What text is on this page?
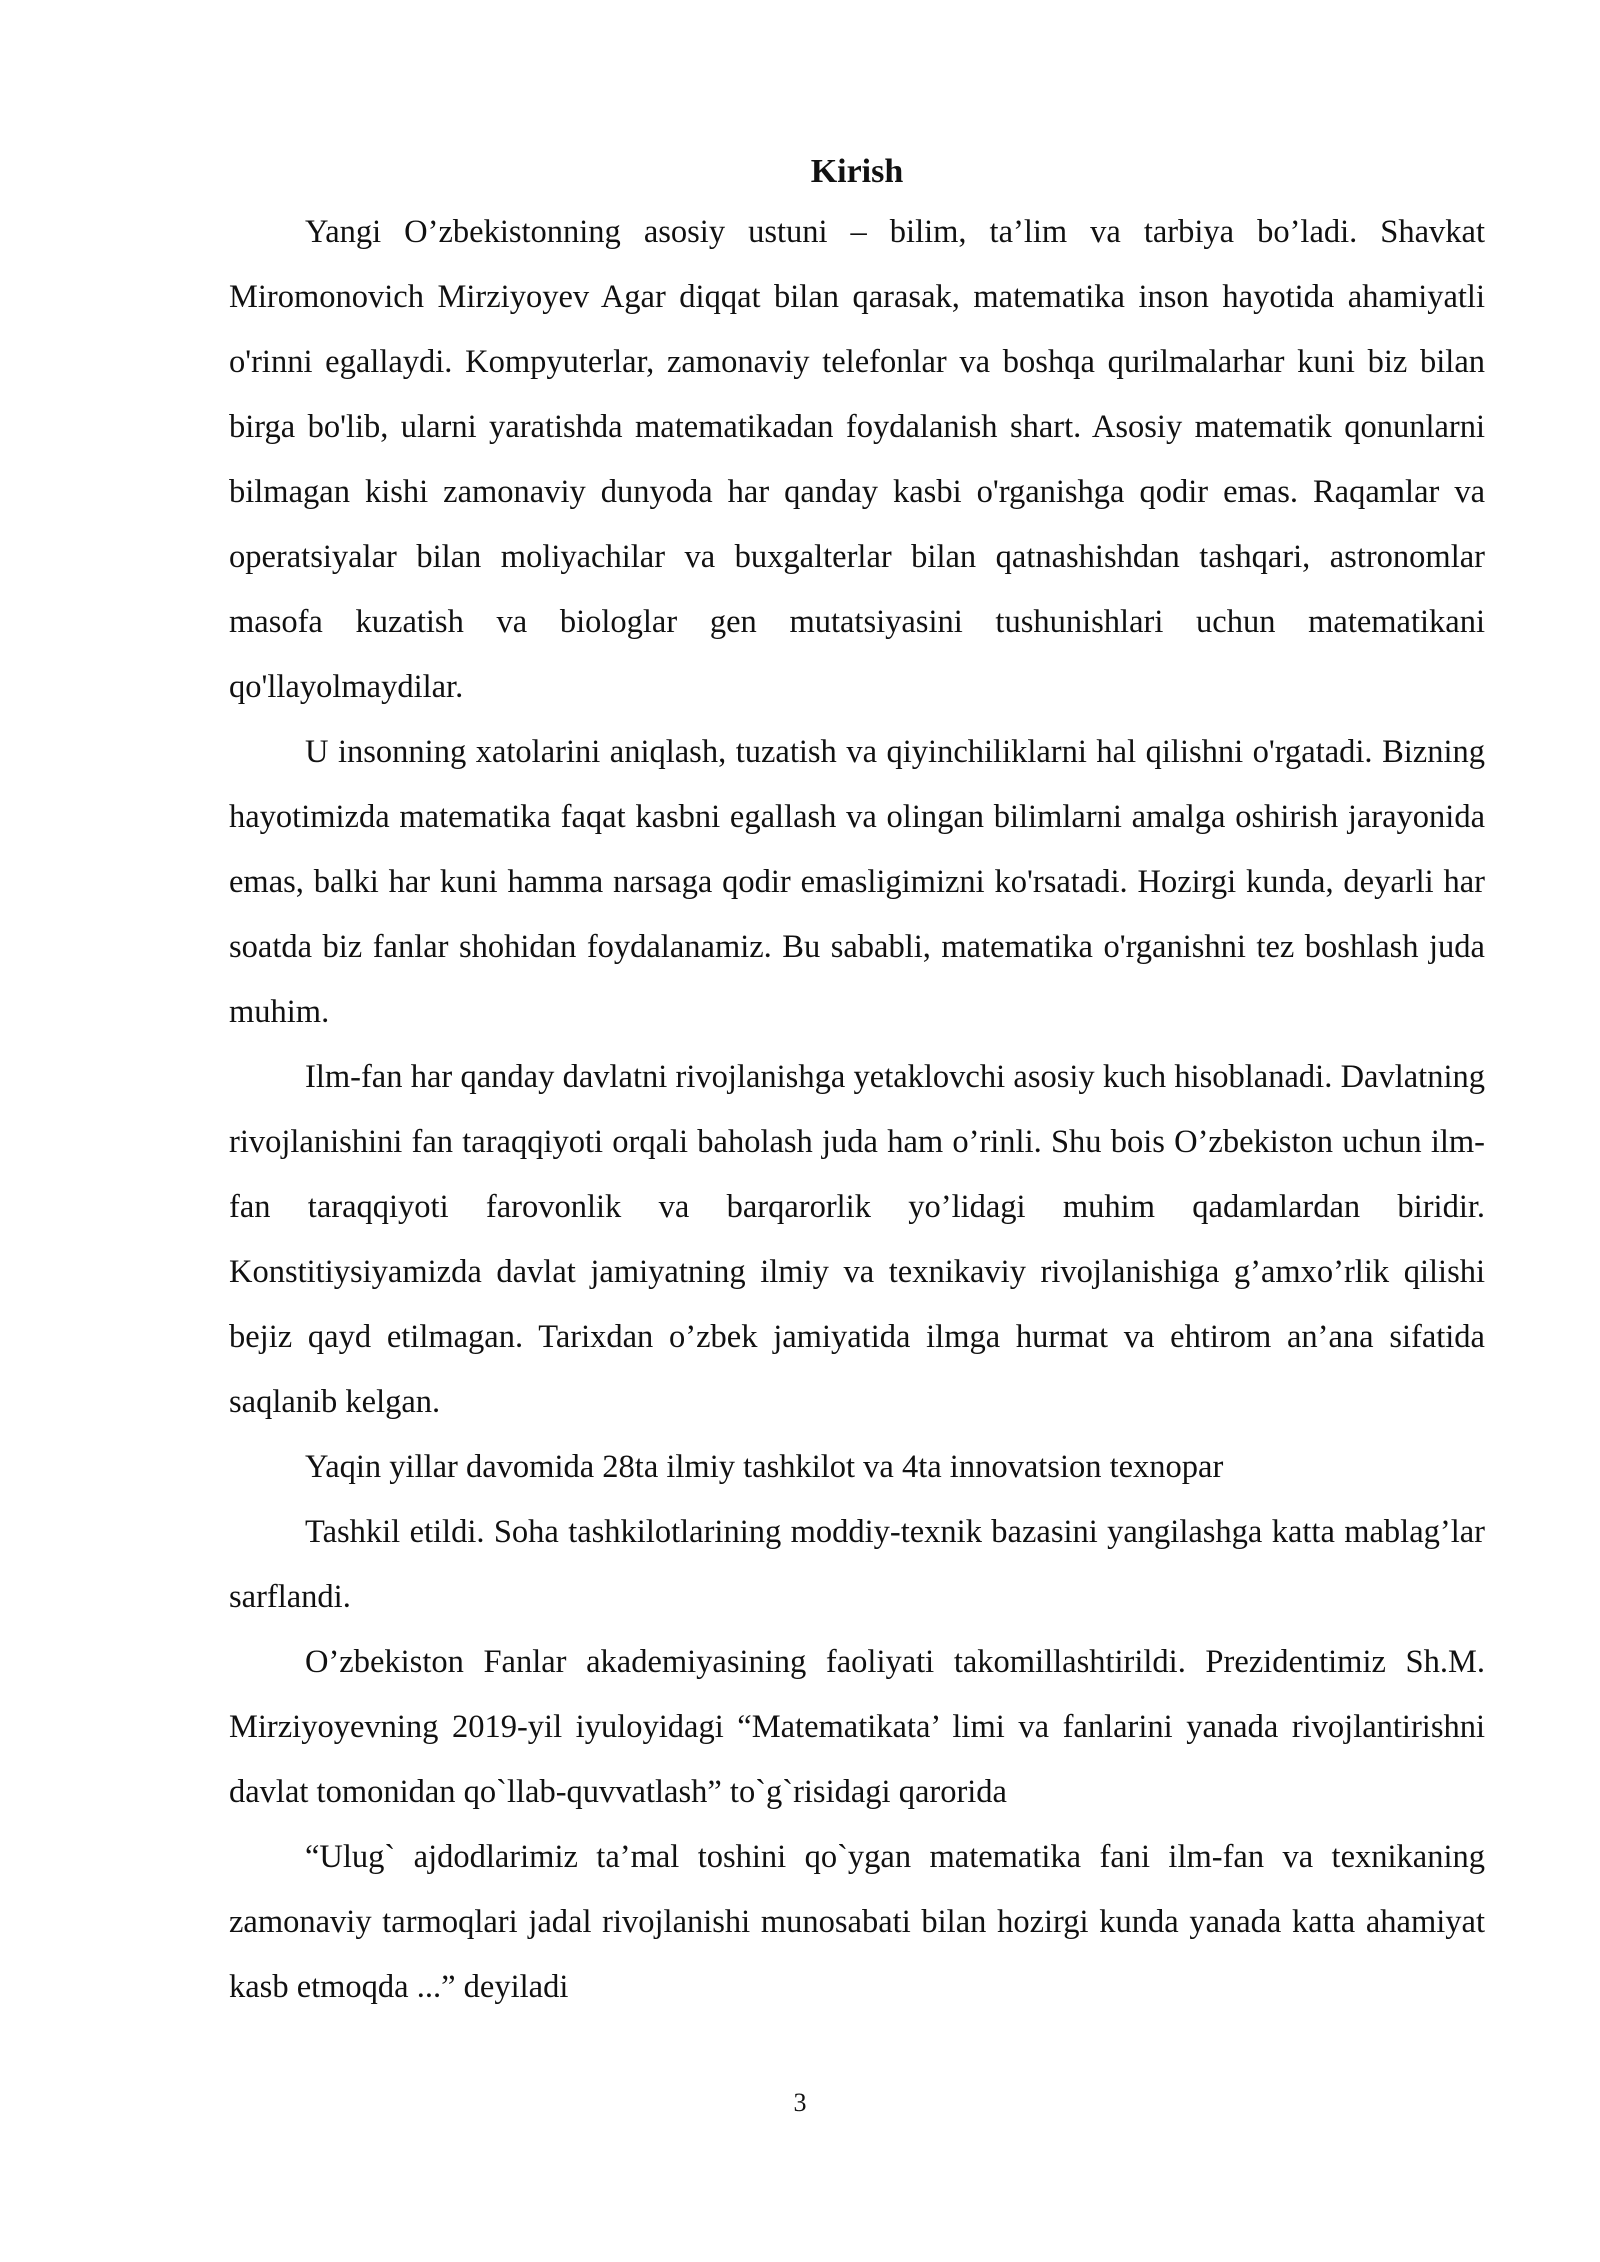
Kirish

Yangi O’zbekistonning asosiy ustuni – bilim, ta’lim va tarbiya bo’ladi. Shavkat Miromonovich Mirziyoyev Agar diqqat bilan qarasak, matematika inson hayotida ahamiyatli o'rinni egallaydi. Kompyuterlar, zamonaviy telefonlar va boshqa qurilmalarhar kuni biz bilan birga bo'lib, ularni yaratishda matematikadan foydalanish shart. Asosiy matematik qonunlarni bilmagan kishi zamonaviy dunyoda har qanday kasbi o'rganishga qodir emas. Raqamlar va operatsiyalar bilan moliyachilar va buxgalterlar bilan qatnashishdan tashqari, astronomlar masofa kuzatish va biologlar gen mutatsiyasini tushunishlari uchun matematikani qo'llayolmaydilar.

U insonning xatolarini aniqlash, tuzatish va qiyinchiliklarni hal qilishni o'rgatadi. Bizning hayotimizda matematika faqat kasbni egallash va olingan bilimlarni amalga oshirish jarayonida emas, balki har kuni hamma narsaga qodir emasligimizni ko'rsatadi. Hozirgi kunda, deyarli har soatda biz fanlar shohidan foydalanamiz. Bu sababli, matematika o'rganishni tez boshlash juda muhim.

Ilm-fan har qanday davlatni rivojlanishga yetaklovchi asosiy kuch hisoblanadi. Davlatning rivojlanishini fan taraqqiyoti orqali baholash juda ham o’rinli. Shu bois O’zbekiston uchun ilm-fan taraqqiyoti farovonlik va barqarorlik yo’lidagi muhim qadamlardan biridir. Konstitiysiyamizda davlat jamiyatning ilmiy va texnikaviy rivojlanishiga g’amxo’rlik qilishi bejiz qayd etilmagan. Tarixdan o’zbek jamiyatida ilmga hurmat va ehtirom an’ana sifatida saqlanib kelgan.

Yaqin yillar davomida 28ta ilmiy tashkilot va 4ta innovatsion texnopar

Tashkil etildi. Soha tashkilotlarining moddiy-texnik bazasini yangilashga katta mablag’lar sarflandi.

O’zbekiston Fanlar akademiyasining faoliyati takomillashtirildi. Prezidentimiz Sh.M. Mirziyoyevning 2019-yil iyuloyidagi “Matematikata’ limi va fanlarini yanada rivojlantirishni davlat tomonidan qo`llab-quvvatlash” to`g`risidagi qarorida

“Ulug` ajdodlarimiz ta’mal toshini qo`ygan matematika fani ilm-fan va texnikaning zamonaviy tarmoqlari jadal rivojlanishi munosabati bilan hozirgi kunda yanada katta ahamiyat kasb etmoqda ...” deyiladi

3
